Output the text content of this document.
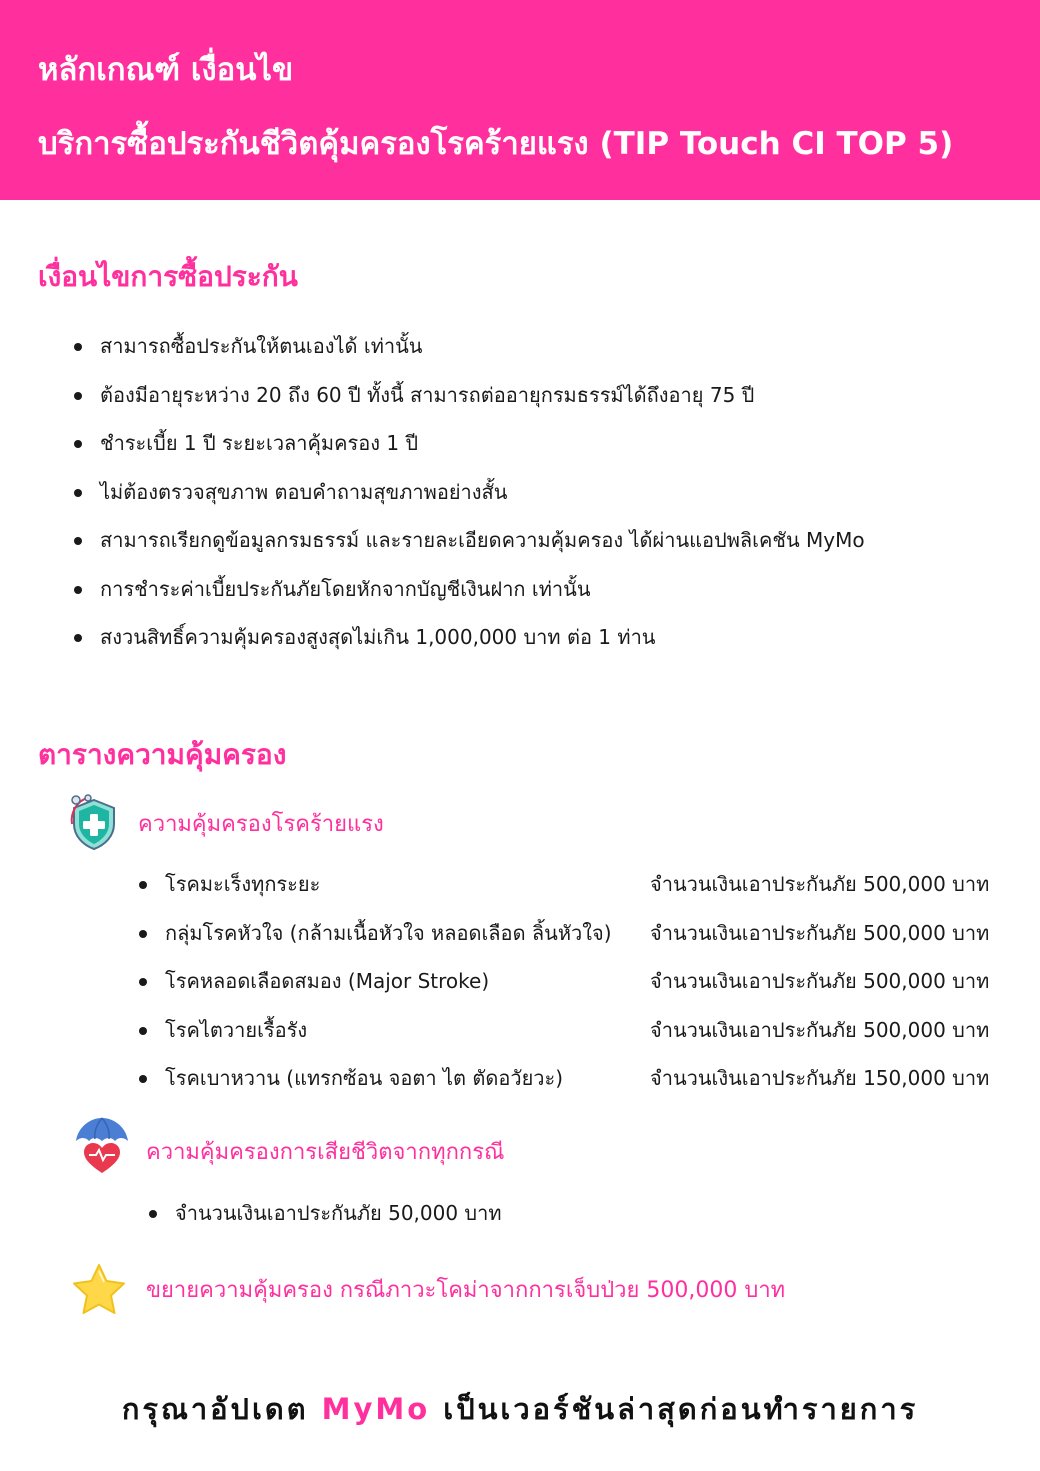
หลักเกณฑ์ เงื่อนไข
บริการซื้อประกันชีวิตคุ้มครองโรคร้ายแรง (TIP Touch CI TOP 5)
เงื่อนไขการซื้อประกัน
สามารถซื้อประกันให้ตนเองได้ เท่านั้น
ต้องมีอายุระหว่าง 20 ถึง 60 ปี ทั้งนี้ สามารถต่ออายุกรมธรรม์ได้ถึงอายุ 75 ปี
ชำระเบี้ย 1 ปี ระยะเวลาคุ้มครอง 1 ปี
ไม่ต้องตรวจสุขภาพ ตอบคำถามสุขภาพอย่างสั้น
สามารถเรียกดูข้อมูลกรมธรรม์ และรายละเอียดความคุ้มครอง ได้ผ่านแอปพลิเคชัน MyMo
การชำระค่าเบี้ยประกันภัยโดยหักจากบัญชีเงินฝาก เท่านั้น
สงวนสิทธิ์ความคุ้มครองสูงสุดไม่เกิน 1,000,000 บาท ต่อ 1 ท่าน
ตารางความคุ้มครอง
ความคุ้มครองโรคร้ายแรง
โรคมะเร็งทุกระยะ	จำนวนเงินเอาประกันภัย 500,000 บาท
กลุ่มโรคหัวใจ (กล้ามเนื้อหัวใจ หลอดเลือด ลิ้นหัวใจ) จำนวนเงินเอาประกันภัย 500,000 บาท
โรคหลอดเลือดสมอง (Major Stroke)	จำนวนเงินเอาประกันภัย 500,000 บาท
โรคไตวายเรื้อรัง	จำนวนเงินเอาประกันภัย 500,000 บาท
โรคเบาหวาน (แทรกซ้อน จอตา ไต ตัดอวัยวะ)	จำนวนเงินเอาประกันภัย 150,000 บาท
ความคุ้มครองการเสียชีวิตจากทุกกรณี
จำนวนเงินเอาประกันภัย 50,000 บาท
ขยายความคุ้มครอง กรณีภาวะโคม่าจากการเจ็บป่วย 500,000 บาท
กรุณาอัปเดต MyMo เป็นเวอร์ชันล่าสุดก่อนทำรายการ
